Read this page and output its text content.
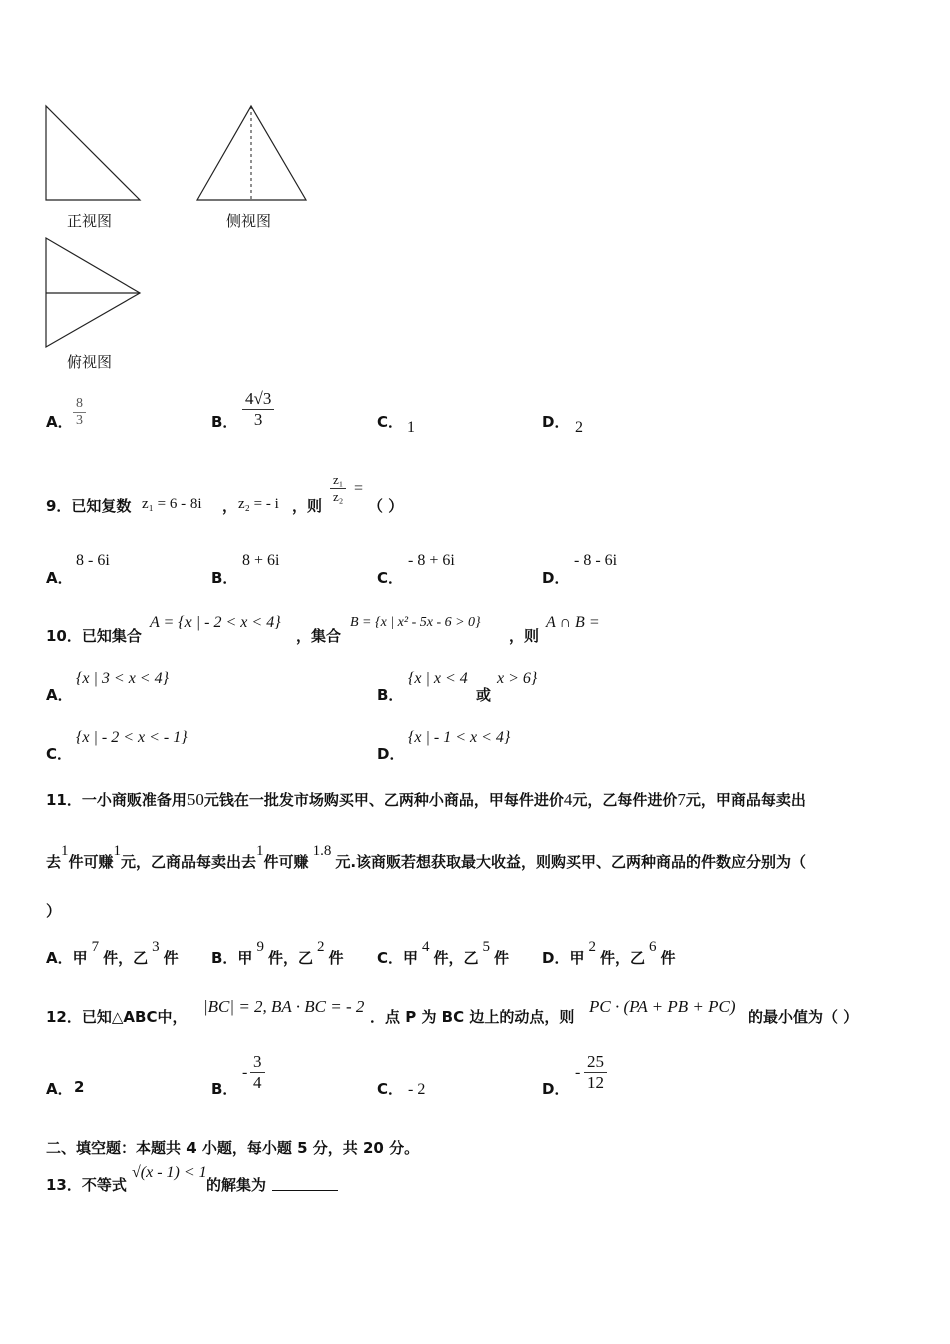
正视图	侧视图
俯视图
A． $\frac{8}{3}$	B． $\frac{4√3}{3}$	C． 1	D． 2
9．已知复数 z₁ = 6 - 8i ， z₂ = - i ，则
$\frac{\text{z₁}}{\text{z₂}}$ =
（ ）
A．
8 - 6i
B．
8 + 6i
C．
- 8 + 6i
D．
- 8 - 6i
10．已知集合
A = {x | - 2 < x < 4}
，集合
B = {x | x² - 5x - 6 > 0}
，则
A ∩ B =
A．
{x | 3 < x < 4}
B．
{x | x < 4
或
x > 6}
C．
{x | - 2 < x < - 1}
D．
{x | - 1 < x < 4}
11．一小商贩准备用50元钱在一批发市场购买甲、乙两种小商品，甲每件进价4元，乙每件进价7元，甲商品每卖出
去1件可赚1元，乙商品每卖出去1件可赚1.8元.该商贩若想获取最大收益，则购买甲、乙两种商品的件数应分别为（
）
A．甲7件，乙3件 B．甲9件，乙2件 C．甲4件，乙5件 D．甲2件，乙6件
12．已知△ABC中，
|BC| = 2, BA · BC = - 2
．点 P 为 BC 边上的动点，则
PC · (PA + PB + PC)
的最小值为（ ）
A． 2	B．
- $\frac{3}{4}$	C． - 2	D．
- $\frac{25}{12}$
二、填空题：本题共 4 小题，每小题 5 分，共 20 分。
13．不等式
√(x - 1) < 1
的解集为
